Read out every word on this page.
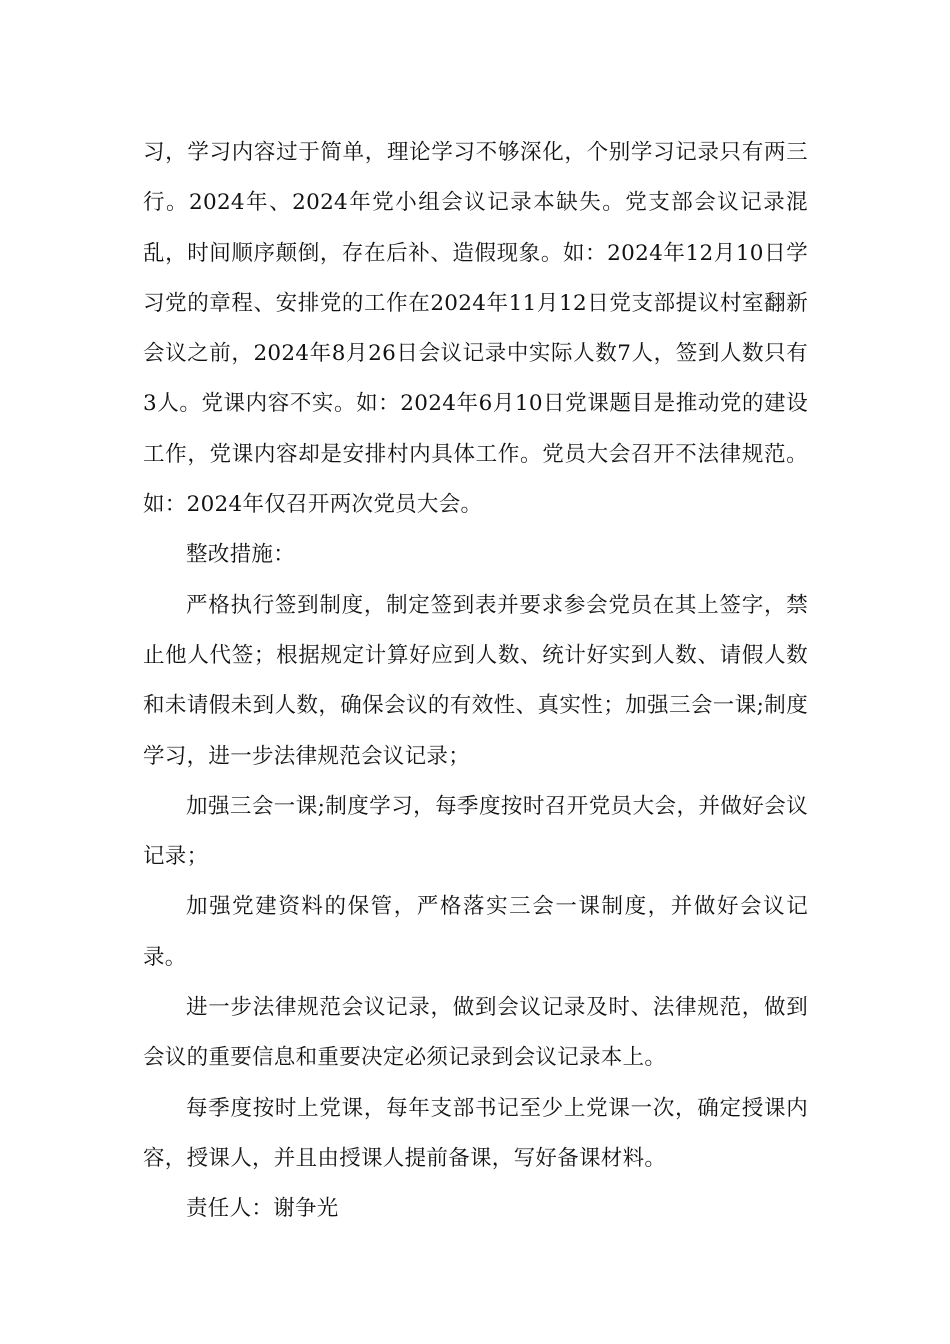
习，学习内容过于简单，理论学习不够深化，个别学习记录只有两三行。2024年、2024年党小组会议记录本缺失。党支部会议记录混乱，时间顺序颠倒，存在后补、造假现象。如：2024年12月10日学习党的章程、安排党的工作在2024年11月12日党支部提议村室翻新会议之前，2024年8月26日会议记录中实际人数7人，签到人数只有3人。党课内容不实。如：2024年6月10日党课题目是推动党的建设工作，党课内容却是安排村内具体工作。党员大会召开不法律规范。如：2024年仅召开两次党员大会。

整改措施：

严格执行签到制度，制定签到表并要求参会党员在其上签字，禁止他人代签；根据规定计算好应到人数、统计好实到人数、请假人数和未请假未到人数，确保会议的有效性、真实性；加强三会一课;制度学习，进一步法律规范会议记录；

加强三会一课;制度学习，每季度按时召开党员大会，并做好会议记录；

加强党建资料的保管，严格落实三会一课制度，并做好会议记录。

进一步法律规范会议记录，做到会议记录及时、法律规范，做到会议的重要信息和重要决定必须记录到会议记录本上。

每季度按时上党课，每年支部书记至少上党课一次，确定授课内容，授课人，并且由授课人提前备课，写好备课材料。

责任人：谢争光
